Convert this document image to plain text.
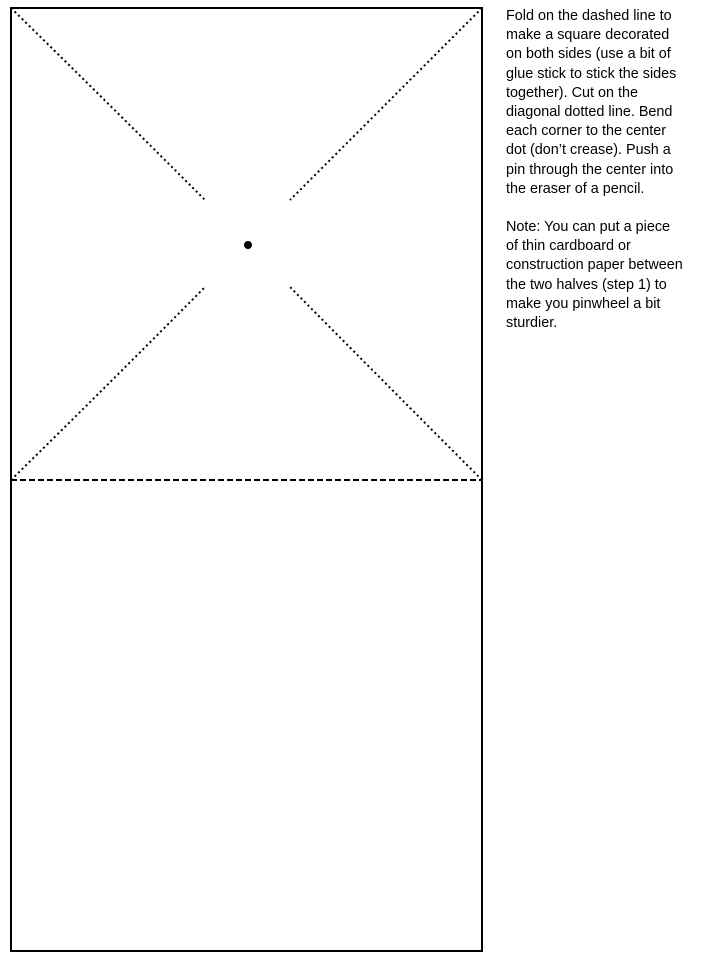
Fold on the dashed line to
make a square decorated
on both sides (use a bit of
glue stick to stick the sides
together). Cut on the
diagonal dotted line. Bend
each corner to the center
dot (don’t crease). Push a
pin through the center into
the eraser of a pencil.

Note: You can put a piece
of thin cardboard or
construction paper between
the two halves (step 1) to
make you pinwheel a bit
sturdier.
